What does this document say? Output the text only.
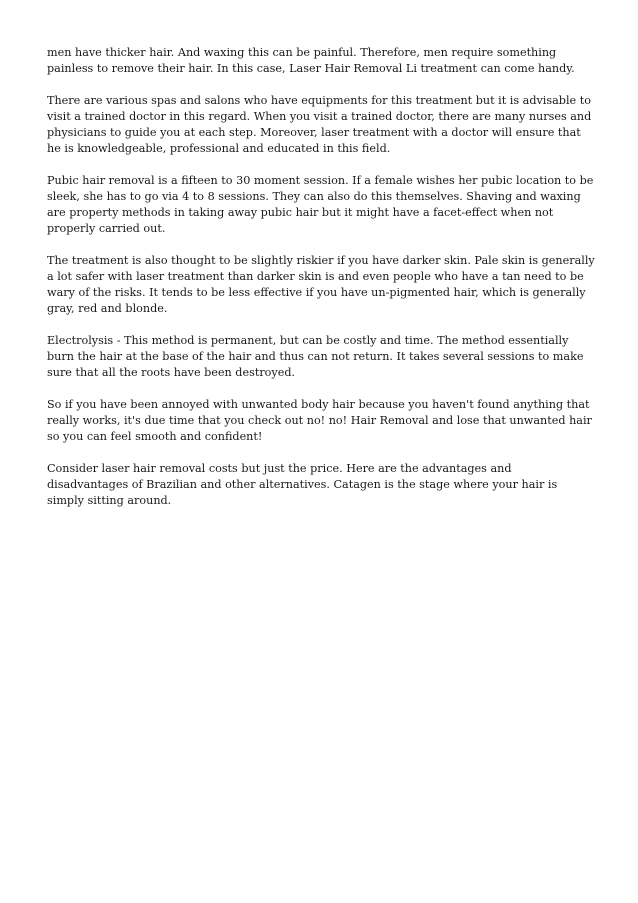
men have thicker hair. And waxing this can be painful. Therefore, men require something painless to remove their hair. In this case, Laser Hair Removal Li treatment can come handy.

There are various spas and salons who have equipments for this treatment but it is advisable to visit a trained doctor in this regard. When you visit a trained doctor, there are many nurses and physicians to guide you at each step. Moreover, laser treatment with a doctor will ensure that he is knowledgeable, professional and educated in this field.

Pubic hair removal is a fifteen to 30 moment session. If a female wishes her pubic location to be sleek, she has to go via 4 to 8 sessions. They can also do this themselves. Shaving and waxing are property methods in taking away pubic hair but it might have a facet-effect when not properly carried out.

The treatment is also thought to be slightly riskier if you have darker skin. Pale skin is generally a lot safer with laser treatment than darker skin is and even people who have a tan need to be wary of the risks. It tends to be less effective if you have un-pigmented hair, which is generally gray, red and blonde.

Electrolysis - This method is permanent, but can be costly and time. The method essentially burn the hair at the base of the hair and thus can not return. It takes several sessions to make sure that all the roots have been destroyed.

So if you have been annoyed with unwanted body hair because you haven't found anything that really works, it's due time that you check out no! no! Hair Removal and lose that unwanted hair so you can feel smooth and confident!

Consider laser hair removal costs but just the price. Here are the advantages and disadvantages of Brazilian and other alternatives. Catagen is the stage where your hair is simply sitting around.
